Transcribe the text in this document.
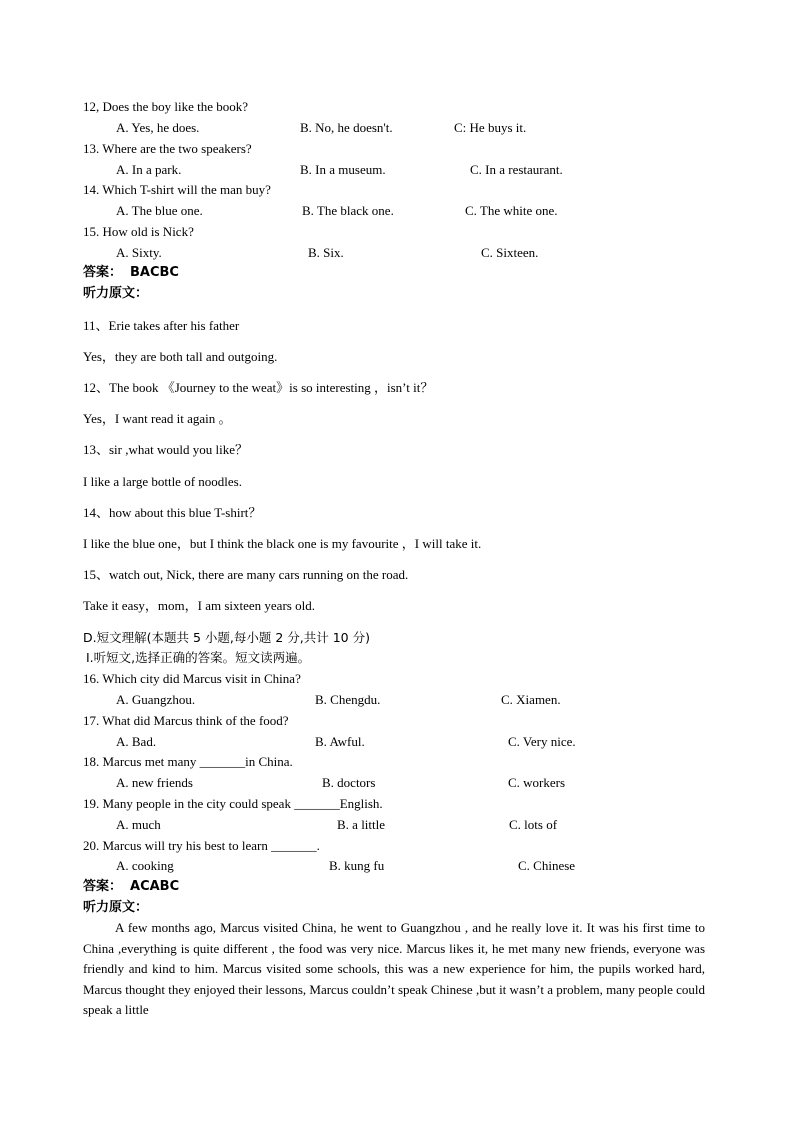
12, Does the boy like the book?
A. Yes, he does.	B. No, he doesn't.	C: He buys it.
13. Where are the two speakers?
A. In a park.	B. In a museum.	C. In a restaurant.
14. Which T-shirt will the man buy?
A. The blue one.	B. The black one.	C. The white one.
15. How old is Nick?
A. Sixty.	B. Six.	C. Sixteen.
答案： BACBC
听力原文：
11、Erie takes after his father
Yes，they are both tall and outgoing.
12、The book 《Journey to the weat》is so interesting ，isn’t it？
Yes，I want read it again 。
13、sir ,what would you like？
I like a large bottle of noodles.
14、how about this blue T-shirt？
I like the blue one，but I think the black one is my favourite ，I will take it.
15、watch out, Nick, there are many cars running on the road.
Take it easy，mom，I am sixteen years old.
D.短文理解(本题共 5 小题,每小题 2 分,共计 10 分)
Ⅰ.听短文,选择正确的答案。短文读两遍。
16. Which city did Marcus visit in China?
A. Guangzhou.	B. Chengdu.	C. Xiamen.
17. What did Marcus think of the food?
A. Bad.	B. Awful.	C. Very nice.
18. Marcus met many _______in China.
A. new friends	B. doctors	C. workers
19. Many people in the city could speak _______English.
A. much	B. a little	C. lots of
20. Marcus will try his best to learn _______.
A. cooking	B. kung fu	C. Chinese
答案： ACABC
听力原文：
A few months ago, Marcus visited China, he went to Guangzhou , and he really love it. It was his first time to China ,everything is quite different , the food was very nice. Marcus likes it, he met many new friends, everyone was friendly and kind to him. Marcus visited some schools, this was a new experience for him, the pupils worked hard, Marcus thought they enjoyed their lessons, Marcus couldn’t speak Chinese ,but it wasn’t a problem, many people could speak a little
